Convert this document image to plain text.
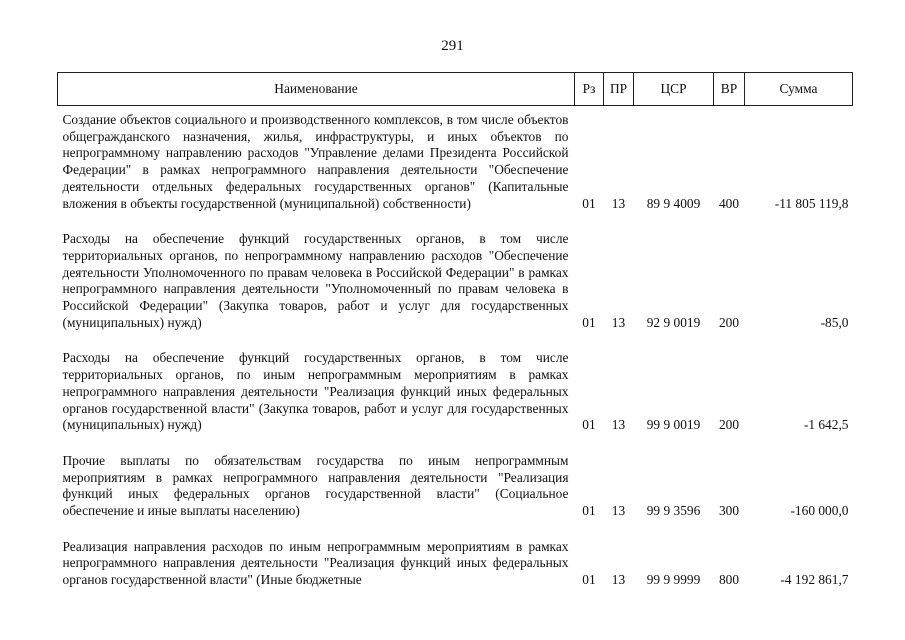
291
Наименование	Рз	ПР	ЦСР	ВР	Сумма
Создание объектов социального и производственного комплексов, в том числе объектов общегражданского назначения, жилья, инфраструктуры, и иных объектов по непрограммному направлению расходов "Управление делами Президента Российской Федерации" в рамках непрограммного направления деятельности "Обеспечение деятельности отдельных федеральных государственных органов" (Капитальные вложения в объекты государственной (муниципальной) собственности)	01	13	89 9 4009	400	-11 805 119,8

Расходы на обеспечение функций государственных органов, в том числе территориальных органов, по непрограммному направлению расходов "Обеспечение деятельности Уполномоченного по правам человека в Российской Федерации" в рамках непрограммного направления деятельности "Уполномоченный по правам человека в Российской Федерации" (Закупка товаров, работ и услуг для государственных (муниципальных) нужд)	01	13	92 9 0019	200	-85,0

Расходы на обеспечение функций государственных органов, в том числе территориальных органов, по иным непрограммным мероприятиям в рамках непрограммного направления деятельности "Реализация функций иных федеральных органов государственной власти" (Закупка товаров, работ и услуг для государственных (муниципальных) нужд)	01	13	99 9 0019	200	-1 642,5

Прочие выплаты по обязательствам государства по иным непрограммным мероприятиям в рамках непрограммного направления деятельности "Реализация функций иных федеральных органов государственной власти" (Социальное обеспечение и иные выплаты населению)	01	13	99 9 3596	300	-160 000,0

Реализация направления расходов по иным непрограммным мероприятиям в рамках непрограммного направления деятельности "Реализация функций иных федеральных органов государственной власти" (Иные бюджетные	01	13	99 9 9999	800	-4 192 861,7
